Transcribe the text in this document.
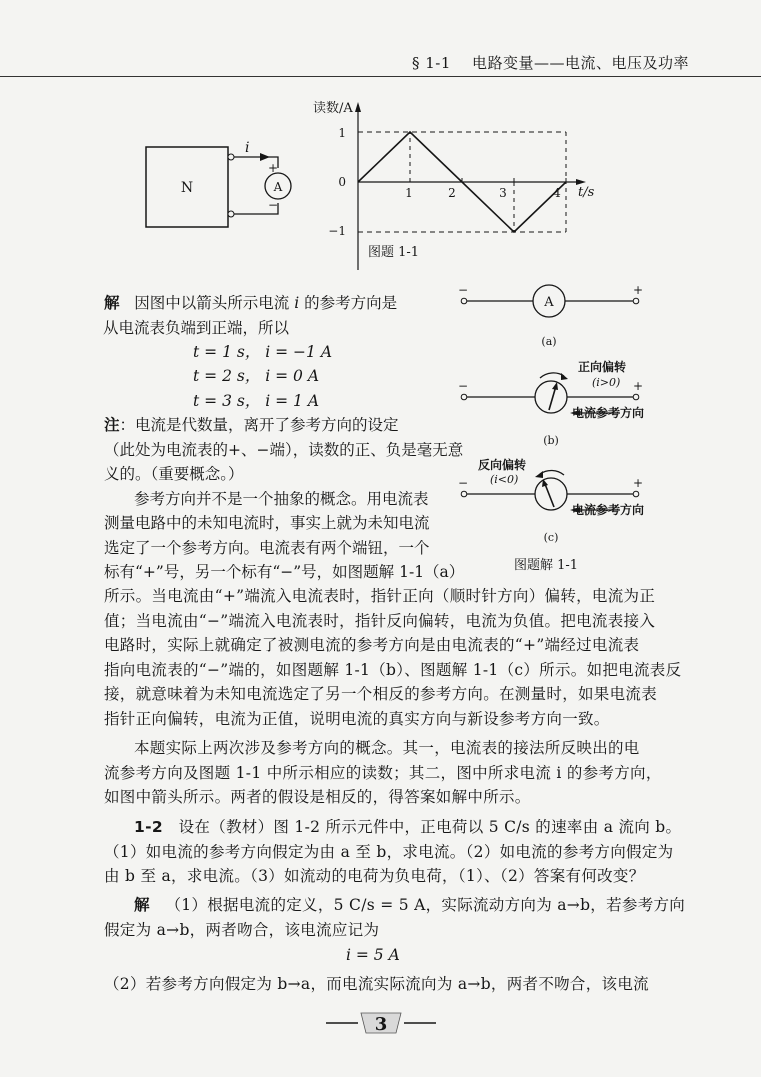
§ 1-1 电路变量——电流、电压及功率
N
i
A
+
−
读数/A
t/s
1
0
−1
1	2	3	4
图题 1-1
解 因图中以箭头所示电流 i 的参考方向是
从电流表负端到正端，所以
t = 1 s， i = −1 A
t = 2 s， i = 0 A
t = 3 s， i = 1 A
注：电流是代数量，离开了参考方向的设定
（此处为电流表的+、−端），读数的正、负是毫无意
义的。（重要概念。）
参考方向并不是一个抽象的概念。用电流表
测量电路中的未知电流时，事实上就为未知电流
选定了一个参考方向。电流表有两个端钮，一个
标有“+”号，另一个标有“−”号，如图题解 1-1（a）
所示。当电流由“+”端流入电流表时，指针正向（顺时针方向）偏转，电流为正
值；当电流由“−”端流入电流表时，指针反向偏转，电流为负值。把电流表接入
电路时，实际上就确定了被测电流的参考方向是由电流表的“+”端经过电流表
指向电流表的“−”端的，如图题解 1-1（b）、图题解 1-1（c）所示。如把电流表反
接，就意味着为未知电流选定了另一个相反的参考方向。在测量时，如果电流表
指针正向偏转，电流为正值，说明电流的真实方向与新设参考方向一致。
本题实际上两次涉及参考方向的概念。其一，电流表的接法所反映出的电
流参考方向及图题 1-1 中所示相应的读数；其二，图中所求电流 i 的参考方向，
如图中箭头所示。两者的假设是相反的，得答案如解中所示。
1-2 设在（教材）图 1-2 所示元件中，正电荷以 5 C/s 的速率由 a 流向 b。
（1）如电流的参考方向假定为由 a 至 b，求电流。（2）如电流的参考方向假定为
由 b 至 a，求电流。（3）如流动的电荷为负电荷，（1）、（2）答案有何改变？
解 （1）根据电流的定义，5 C/s = 5 A，实际流动方向为 a→b，若参考方向
假定为 a→b，两者吻合，该电流应记为
i = 5 A
（2）若参考方向假定为 b→a，而电流实际流向为 a→b，两者不吻合，该电流
A
−	+
(a)
−	+
正向偏转
(i>0)
电流参考方向
(b)
−	+
反向偏转
(i<0)
电流参考方向
(c)
图题解 1-1
3
